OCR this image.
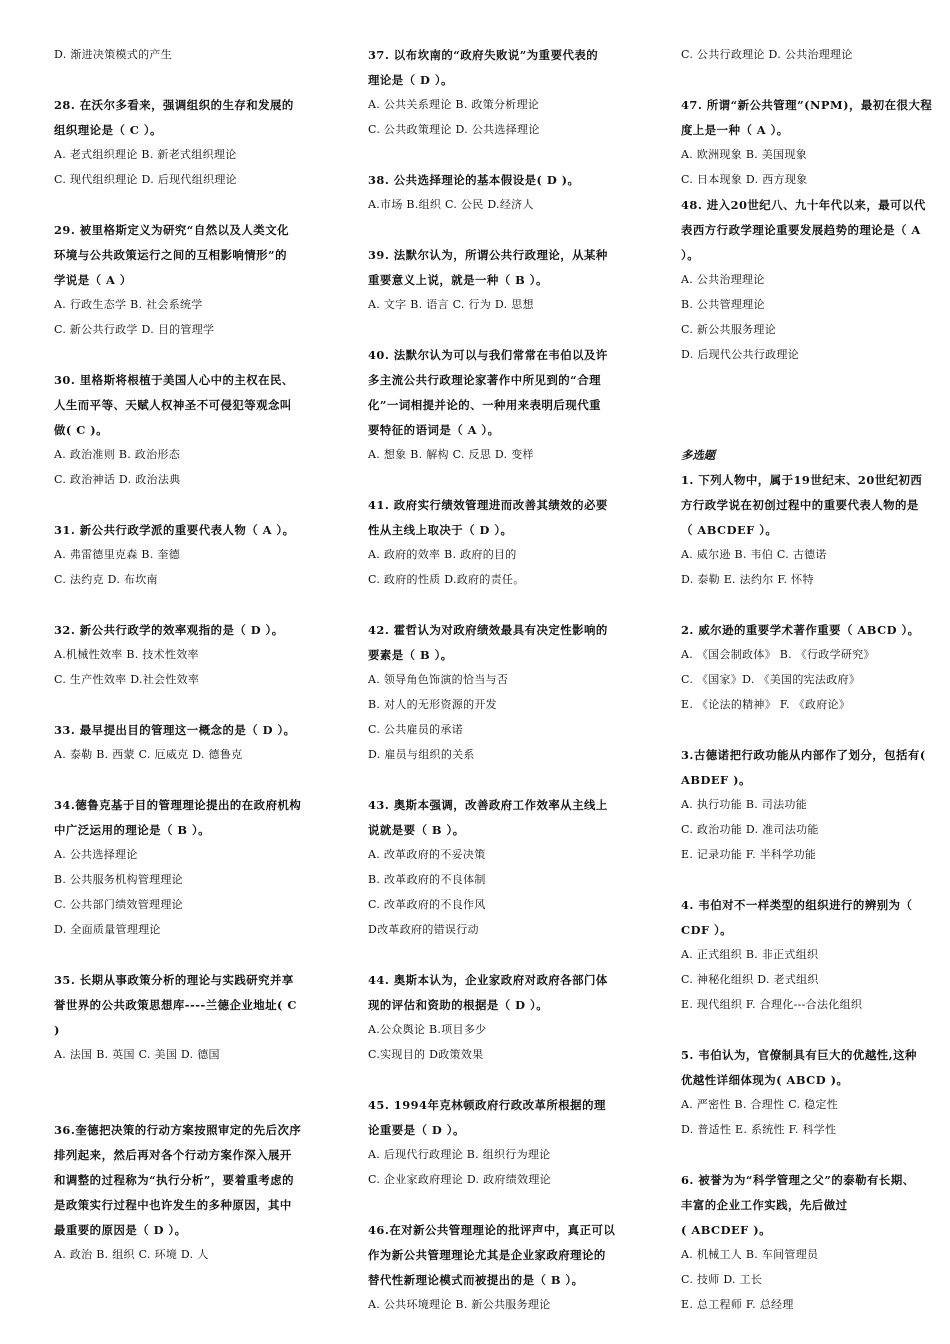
D. 渐进决策模式的产生
28. 在沃尔多看来，强调组织的生存和发展的
组织理论是（ C ）。
A. 老式组织理论 B. 新老式组织理论
C. 现代组织理论 D. 后现代组织理论
29. 被里格斯定义为研究“自然以及人类文化
环境与公共政策运行之间的互相影响情形”的
学说是（ A ）
A. 行政生态学 B. 社会系统学
C. 新公共行政学 D. 目的管理学
30. 里格斯将根植于美国人心中的主权在民、
人生而平等、天赋人权神圣不可侵犯等观念叫
做( C )。
A. 政治准则 B. 政治形态
C. 政治神话 D. 政治法典
31. 新公共行政学派的重要代表人物（ A ）。
A. 弗雷德里克森 B. 奎德
C. 法约克 D. 布坎南
32. 新公共行政学的效率观指的是（ D ）。
A.机械性效率 B. 技术性效率
C. 生产性效率 D.社会性效率
33. 最早提出目的管理这一概念的是（ D ）。
A. 泰勒 B. 西蒙 C. 厄威克 D. 德鲁克
34.德鲁克基于目的管理理论提出的在政府机构
中广泛运用的理论是（ B ）。
A. 公共选择理论
B. 公共服务机构管理理论
C. 公共部门绩效管理理论
D. 全面质量管理理论
35. 长期从事政策分析的理论与实践研究并享
誉世界的公共政策思想库----兰德企业地址( C
)
A. 法国 B. 英国 C. 美国 D. 德国
36.奎德把决策的行动方案按照审定的先后次序
排列起来，然后再对各个行动方案作深入展开
和调整的过程称为“执行分析”，要着重考虑的
是政策实行过程中也许发生的多种原因，其中
最重要的原因是（ D ）。
A. 政治 B. 组织 C. 环境 D. 人
37. 以布坎南的“政府失败说”为重要代表的
理论是（ D ）。
A. 公共关系理论 B. 政策分析理论
C. 公共政策理论 D. 公共选择理论
38. 公共选择理论的基本假设是( D )。
A.市场 B.组织 C. 公民 D.经济人
39. 法默尔认为，所谓公共行政理论，从某种
重要意义上说，就是一种（ B ）。
A. 文字 B. 语言 C. 行为 D. 思想
40. 法默尔认为可以与我们常常在韦伯以及许
多主流公共行政理论家著作中所见到的“合理
化”一词相提并论的、一种用来表明后现代重
要特征的语词是（ A ）。
A. 想象 B. 解构 C. 反思 D. 变样
41. 政府实行绩效管理进而改善其绩效的必要
性从主线上取决于（ D ）。
A. 政府的效率 B. 政府的目的
C. 政府的性质 D.政府的责任。
42. 霍哲认为对政府绩效最具有决定性影响的
要素是（ B ）。
A. 领导角色饰演的恰当与否
B. 对人的无形资源的开发
C. 公共雇员的承诺
D. 雇员与组织的关系
43. 奥斯本强调，改善政府工作效率从主线上
说就是要（ B ）。
A. 改革政府的不妥决策
B. 改革政府的不良体制
C. 改革政府的不良作风
D改革政府的错误行动
44. 奥斯本认为，企业家政府对政府各部门体
现的评估和资助的根据是（ D ）。
A.公众舆论 B.项目多少
C.实现目的 D政策效果
45. 1994年克林顿政府行政改革所根据的理
论重要是（ D ）。
A. 后现代行政理论 B. 组织行为理论
C. 企业家政府理论 D. 政府绩效理论
46.在对新公共管理理论的批评声中，真正可以
作为新公共管理理论尤其是企业家政府理论的
替代性新理论模式而被提出的是（ B ）。
A. 公共环境理论 B. 新公共服务理论
C. 公共行政理论 D. 公共治理理论
47. 所谓“新公共管理”(NPM)，最初在很大程
度上是一种（ A ）。
A. 欧洲现象 B. 美国现象
C. 日本现象 D. 西方现象
48. 进入20世纪八、九十年代以来，最可以代
表西方行政学理论重要发展趋势的理论是（ A
）。
A. 公共治理理论
B. 公共管理理论
C. 新公共服务理论
D. 后现代公共行政理论
多选题
1. 下列人物中，属于19世纪末、20世纪初西
方行政学说在初创过程中的重要代表人物的是
（ ABCDEF ）。
A. 威尔逊 B. 韦伯 C. 古德诺
D. 泰勒 E. 法约尔 F. 怀特
2. 威尔逊的重要学术著作重要（ ABCD ）。
A. 《国会制政体》 B. 《行政学研究》
C. 《国家》D. 《美国的宪法政府》
E. 《论法的精神》 F. 《政府论》
3.古德诺把行政功能从内部作了划分，包括有(
ABDEF )。
A. 执行功能 B. 司法功能
C. 政治功能 D. 准司法功能
E. 记录功能 F. 半科学功能
4. 韦伯对不一样类型的组织进行的辨别为（
CDF ）。
A. 正式组织 B. 非正式组织
C. 神秘化组织 D. 老式组织
E. 现代组织 F. 合理化---合法化组织
5. 韦伯认为，官僚制具有巨大的优越性,这种
优越性详细体现为( ABCD )。
A. 严密性 B. 合理性 C. 稳定性
D. 普适性 E. 系统性 F. 科学性
6. 被誉为为“科学管理之父”的泰勒有长期、
丰富的企业工作实践，先后做过
( ABCDEF )。
A. 机械工人 B. 车间管理员
C. 技师 D. 工长
E. 总工程师 F. 总经理
